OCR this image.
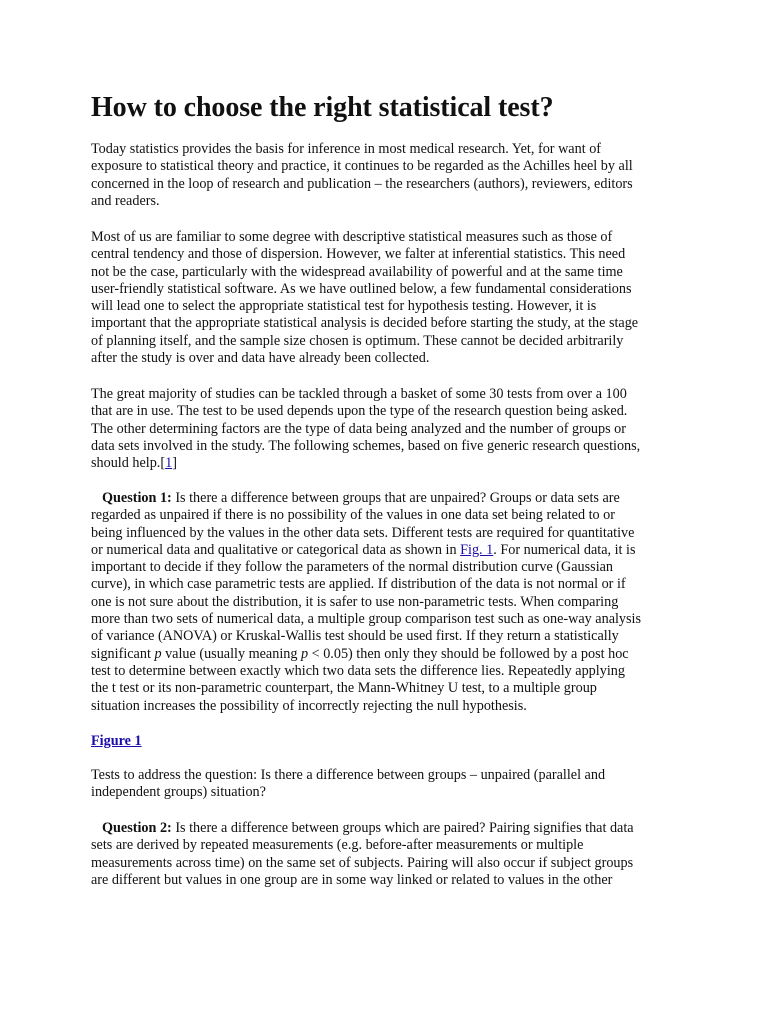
How to choose the right statistical test?
Today statistics provides the basis for inference in most medical research. Yet, for want of
exposure to statistical theory and practice, it continues to be regarded as the Achilles heel by all
concerned in the loop of research and publication – the researchers (authors), reviewers, editors
and readers.
Most of us are familiar to some degree with descriptive statistical measures such as those of
central tendency and those of dispersion. However, we falter at inferential statistics. This need
not be the case, particularly with the widespread availability of powerful and at the same time
user-friendly statistical software. As we have outlined below, a few fundamental considerations
will lead one to select the appropriate statistical test for hypothesis testing. However, it is
important that the appropriate statistical analysis is decided before starting the study, at the stage
of planning itself, and the sample size chosen is optimum. These cannot be decided arbitrarily
after the study is over and data have already been collected.
The great majority of studies can be tackled through a basket of some 30 tests from over a 100
that are in use. The test to be used depends upon the type of the research question being asked.
The other determining factors are the type of data being analyzed and the number of groups or
data sets involved in the study. The following schemes, based on five generic research questions,
should help.[1]
Question 1: Is there a difference between groups that are unpaired? Groups or data sets are
regarded as unpaired if there is no possibility of the values in one data set being related to or
being influenced by the values in the other data sets. Different tests are required for quantitative
or numerical data and qualitative or categorical data as shown in Fig. 1. For numerical data, it is
important to decide if they follow the parameters of the normal distribution curve (Gaussian
curve), in which case parametric tests are applied. If distribution of the data is not normal or if
one is not sure about the distribution, it is safer to use non-parametric tests. When comparing
more than two sets of numerical data, a multiple group comparison test such as one-way analysis
of variance (ANOVA) or Kruskal-Wallis test should be used first. If they return a statistically
significant p value (usually meaning p < 0.05) then only they should be followed by a post hoc
test to determine between exactly which two data sets the difference lies. Repeatedly applying
the t test or its non-parametric counterpart, the Mann-Whitney U test, to a multiple group
situation increases the possibility of incorrectly rejecting the null hypothesis.
Figure 1
Tests to address the question: Is there a difference between groups – unpaired (parallel and
independent groups) situation?
Question 2: Is there a difference between groups which are paired? Pairing signifies that data
sets are derived by repeated measurements (e.g. before-after measurements or multiple
measurements across time) on the same set of subjects. Pairing will also occur if subject groups
are different but values in one group are in some way linked or related to values in the other
